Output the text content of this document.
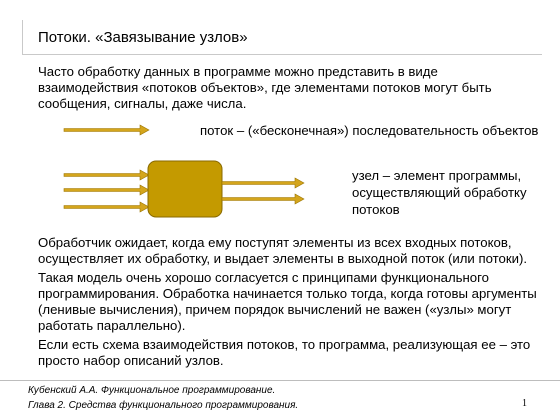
Потоки. «Завязывание узлов»
Часто обработку данных в программе можно представить в виде взаимодействия «потоков объектов», где элементами потоков могут быть сообщения, сигналы, даже числа.
поток – («бесконечная») последовательность объектов
узел – элемент программы, осуществляющий обработку потоков
Обработчик ожидает, когда ему поступят элементы из всех входных потоков, осуществляет их обработку, и выдает элементы в выходной поток (или потоки).
Такая модель очень хорошо согласуется с принципами функционального программирования. Обработка начинается только тогда, когда готовы аргументы (ленивые вычисления), причем порядок вычислений не важен («узлы» могут работать параллельно).
Если есть схема взаимодействия потоков, то программа, реализующая ее – это просто набор описаний узлов.
Кубенский А.А. Функциональное программирование.
Глава 2. Средства функционального программирования.	1
